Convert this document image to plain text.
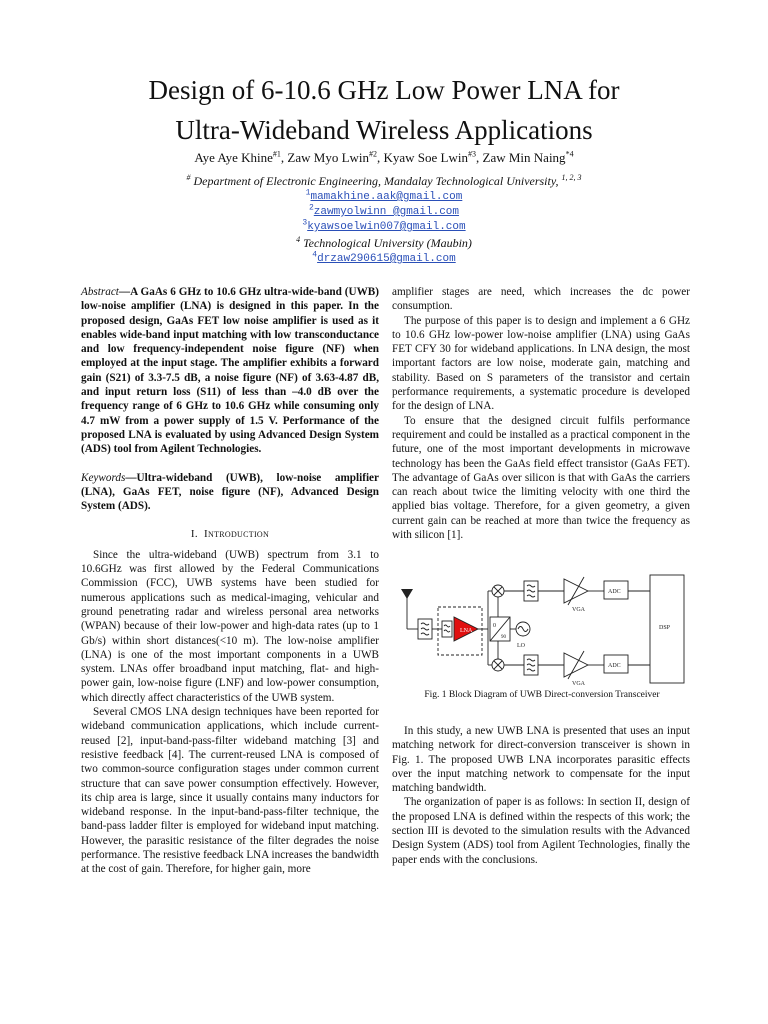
Design of 6-10.6 GHz Low Power LNA for
Ultra-Wideband Wireless Applications
Aye Aye Khine$^{\#1}$, Zaw Myo Lwin$^{\#2}$, Kyaw Soe Lwin$^{\#3}$, Zaw Min Naing$^{*4}$
# Department of Electronic Engineering, Mandalay Technological University, $^{1, 2, 3}$
$^1$mamakhine.aak@gmail.com
$^2$zawmyolwinn @gmail.com
$^3$kyawsoelwin007@gmail.com
$^4$ Technological University (Maubin)
$^4$drzaw290615@gmail.com

Abstract—A GaAs 6 GHz to 10.6 GHz ultra-wide-band (UWB) low-noise amplifier (LNA) is designed in this paper. In the proposed design, GaAs FET low noise amplifier is used as it enables wide-band input matching with low transconductance and low frequency-independent noise figure (NF) when employed at the input stage. The amplifier exhibits a forward gain (S21) of 3.3-7.5 dB, a noise figure (NF) of 3.63-4.87 dB, and input return loss (S11) of less than –4.0 dB over the frequency range of 6 GHz to 10.6 GHz while consuming only 4.7 mW from a power supply of 1.5 V. Performance of the proposed LNA is evaluated by using Advanced Design System (ADS) tool from Agilent Technologies.

Keywords—Ultra-wideband (UWB), low-noise amplifier (LNA), GaAs FET, noise figure (NF), Advanced Design System (ADS).

I. Introduction

Since the ultra-wideband (UWB) spectrum from 3.1 to 10.6GHz was first allowed by the Federal Communications Commission (FCC), UWB systems have been studied for numerous applications such as medical-imaging, vehicular and ground penetrating radar and wireless personal area networks (WPAN) because of their low-power and high-data rates (up to 1 Gb/s) within short distances(<10 m). The low-noise amplifier (LNA) is one of the most important components in a UWB system. LNAs offer broadband input matching, flat- and high-power gain, low-noise figure (LNF) and low-power consumption, which directly affect characteristics of the UWB system.

Several CMOS LNA design techniques have been reported for wideband communication applications, which include current-reused [2], input-band-pass-filter wideband matching [3] and resistive feedback [4]. The current-reused LNA is composed of two common-source configuration stages under common current structure that can save power consumption effectively. However, its chip area is large, since it usually contains many inductors for wideband response. In the input-band-pass-filter technique, the band-pass ladder filter is employed for wideband input matching. However, the parasitic resistance of the filter degrades the noise performance. The resistive feedback LNA increases the bandwidth at the cost of gain. Therefore, for higher gain, more

amplifier stages are need, which increases the dc power consumption.

The purpose of this paper is to design and implement a 6 GHz to 10.6 GHz low-power low-noise amplifier (LNA) using GaAs FET CFY 30 for wideband applications. In LNA design, the most important factors are low noise, moderate gain, matching and stability. Based on S parameters of the transistor and certain performance requirements, a systematic procedure is developed for the design of LNA.

To ensure that the designed circuit fulfils performance requirement and could be installed as a practical component in the future, one of the most important developments in microwave technology has been the GaAs field effect transistor (GaAs FET). The advantage of GaAs over silicon is that with GaAs the carriers can reach about twice the limiting velocity with one third the applied bias voltage. Therefore, for a given geometry, a given current gain can be reached at more than twice the frequency as with silicon [1].

LNA
0
90
LO
VGA
VGA
ADC
ADC
DSP
Fig. 1 Block Diagram of UWB Direct-conversion Transceiver

In this study, a new UWB LNA is presented that uses an input matching network for direct-conversion transceiver is shown in Fig. 1. The proposed UWB LNA incorporates parasitic effects over the input matching network to compensate for the input matching bandwidth.

The organization of paper is as follows: In section II, design of the proposed LNA is defined within the respects of this work; the section III is devoted to the simulation results with the Advanced Design System (ADS) tool from Agilent Technologies, finally the paper ends with the conclusions.
